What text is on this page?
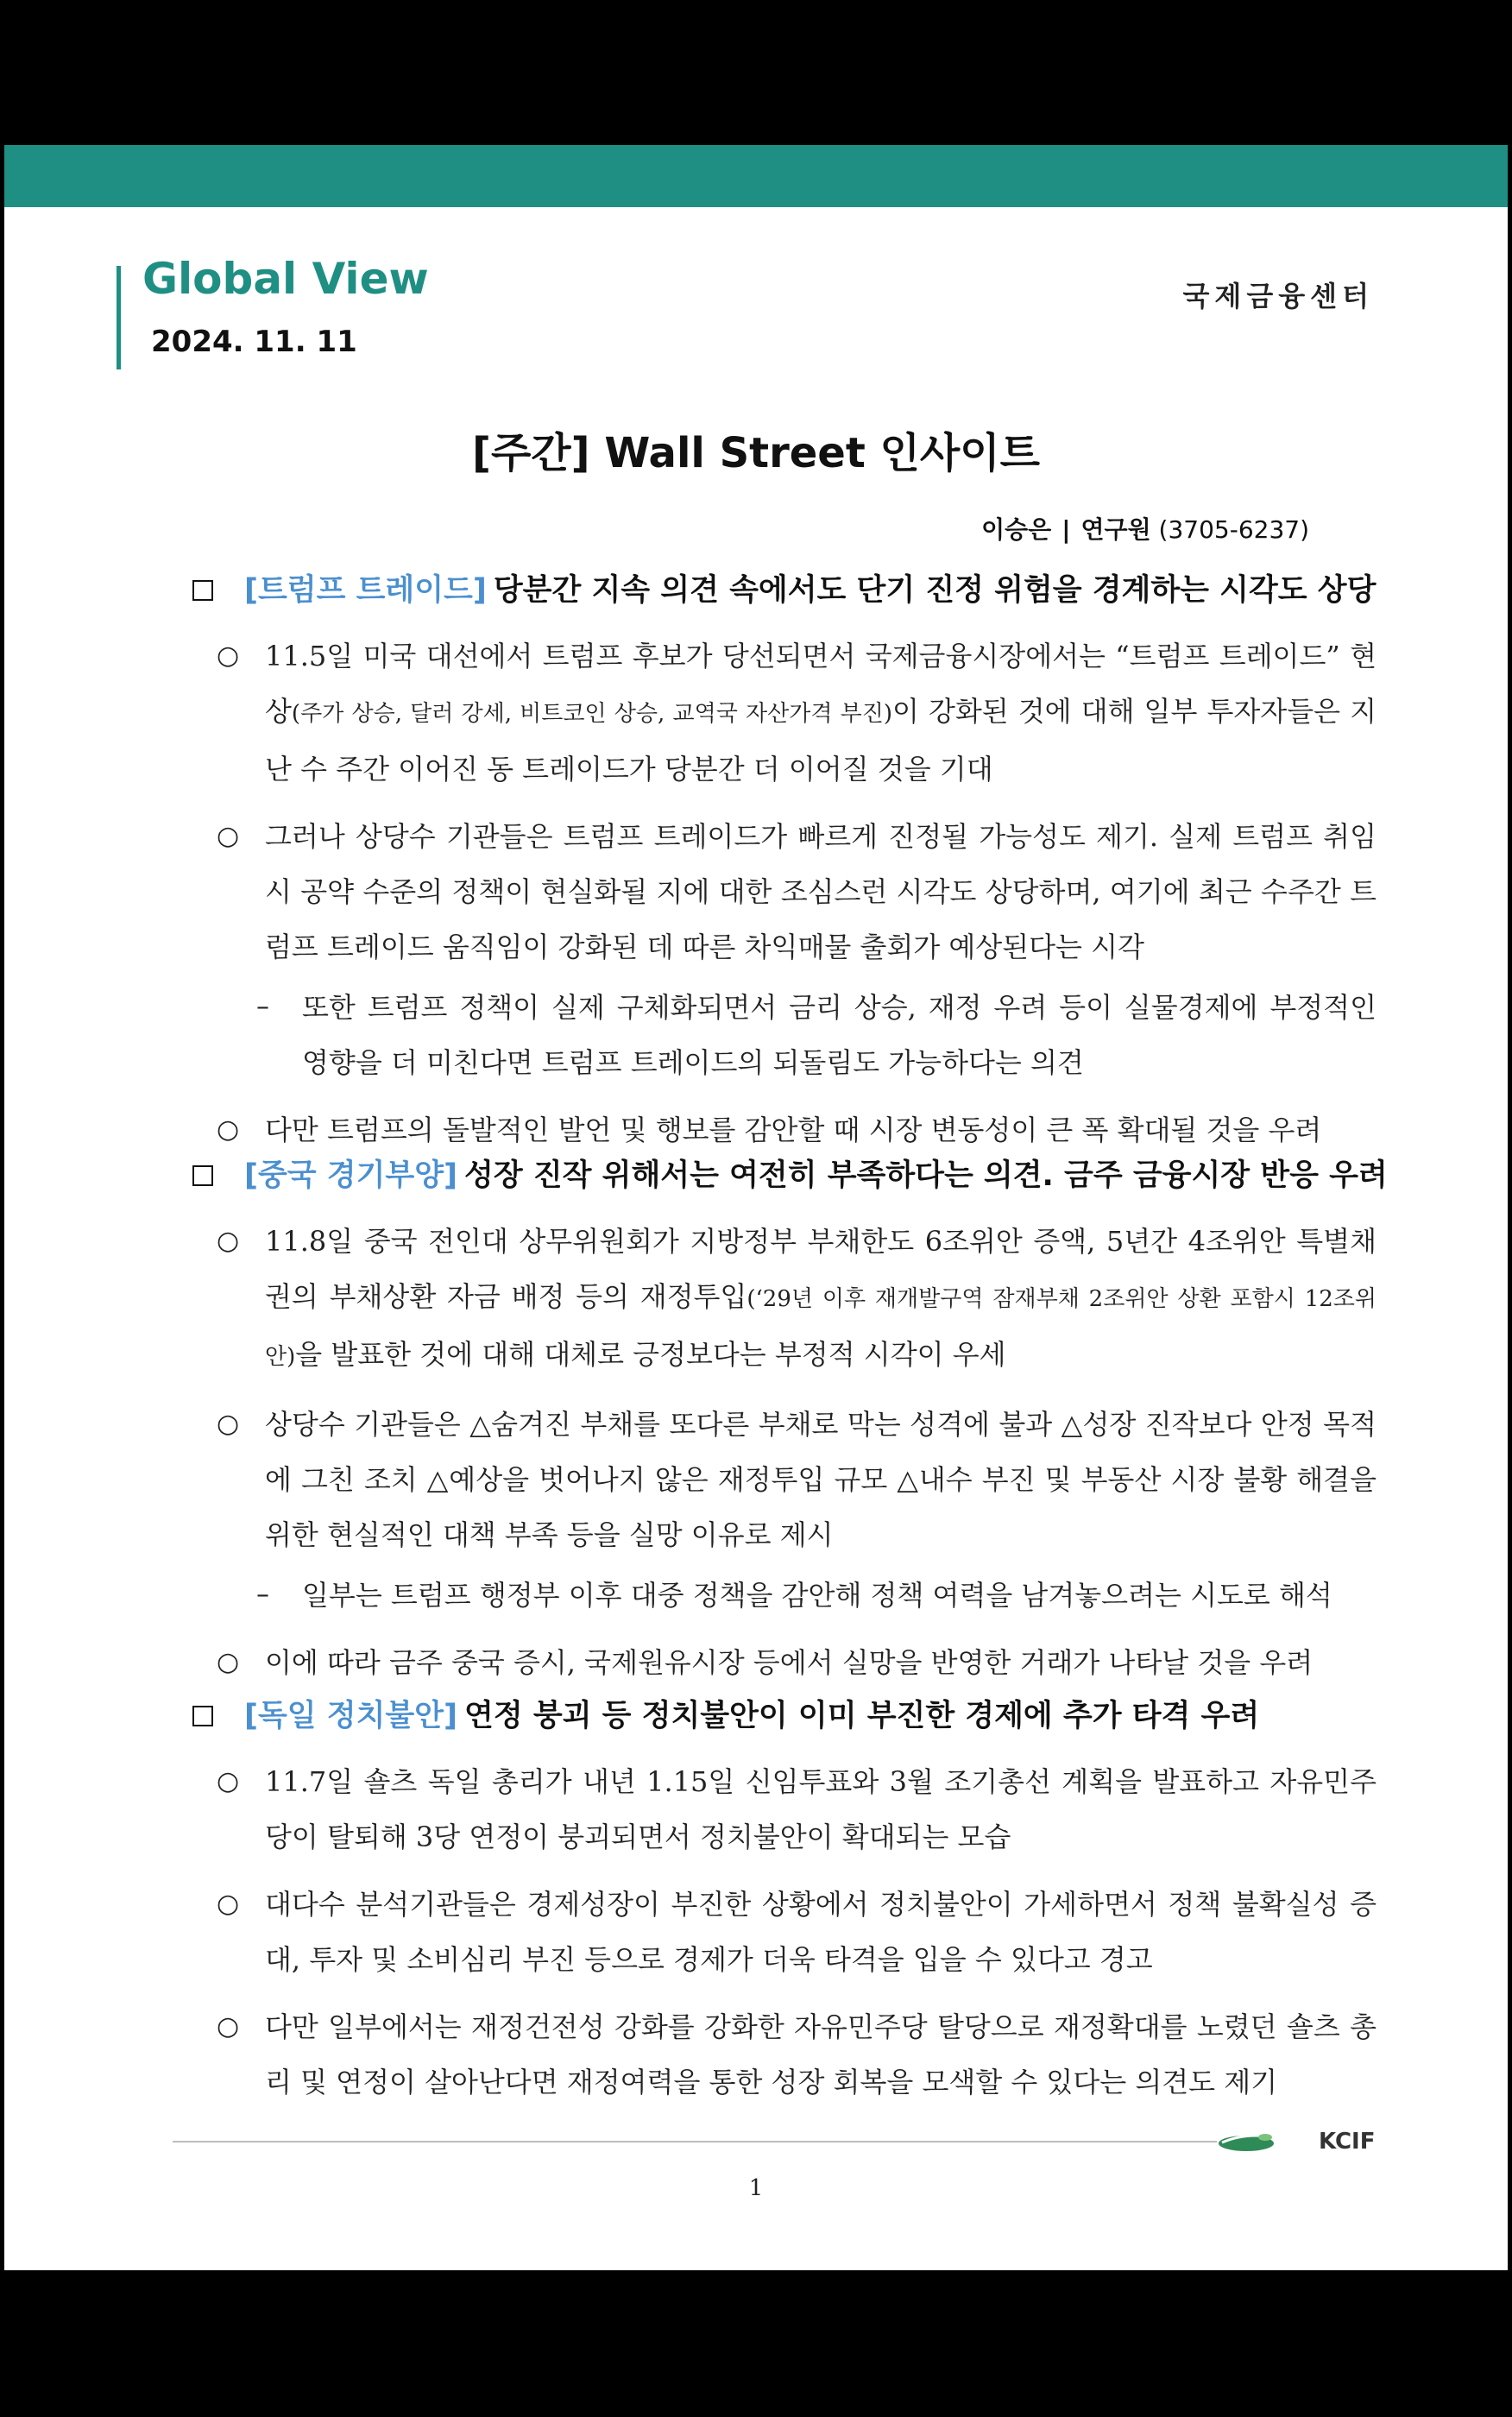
Global View
2024. 11. 11
국제금융센터
[주간] Wall Street 인사이트
이승은 | 연구원 (3705-6237)
[트럼프 트레이드] 당분간 지속 의견 속에서도 단기 진정 위험을 경계하는 시각도 상당
○ 11.5일 미국 대선에서 트럼프 후보가 당선되면서 국제금융시장에서는 “트럼프 트레이드” 현상(주가 상승, 달러 강세, 비트코인 상승, 교역국 자산가격 부진)이 강화된 것에 대해 일부 투자자들은 지난 수 주간 이어진 동 트레이드가 당분간 더 이어질 것을 기대
○ 그러나 상당수 기관들은 트럼프 트레이드가 빠르게 진정될 가능성도 제기. 실제 트럼프 취임시 공약 수준의 정책이 현실화될 지에 대한 조심스런 시각도 상당하며, 여기에 최근 수주간 트럼프 트레이드 움직임이 강화된 데 따른 차익매물 출회가 예상된다는 시각
– 또한 트럼프 정책이 실제 구체화되면서 금리 상승, 재정 우려 등이 실물경제에 부정적인 영향을 더 미친다면 트럼프 트레이드의 되돌림도 가능하다는 의견
○ 다만 트럼프의 돌발적인 발언 및 행보를 감안할 때 시장 변동성이 큰 폭 확대될 것을 우려
[중국 경기부양] 성장 진작 위해서는 여전히 부족하다는 의견. 금주 금융시장 반응 우려
○ 11.8일 중국 전인대 상무위원회가 지방정부 부채한도 6조위안 증액, 5년간 4조위안 특별채권의 부채상환 자금 배정 등의 재정투입(‘29년 이후 재개발구역 잠재부채 2조위안 상환 포함시 12조위안)을 발표한 것에 대해 대체로 긍정보다는 부정적 시각이 우세
○ 상당수 기관들은 △숨겨진 부채를 또다른 부채로 막는 성격에 불과 △성장 진작보다 안정 목적에 그친 조치 △예상을 벗어나지 않은 재정투입 규모 △내수 부진 및 부동산 시장 불황 해결을 위한 현실적인 대책 부족 등을 실망 이유로 제시
– 일부는 트럼프 행정부 이후 대중 정책을 감안해 정책 여력을 남겨놓으려는 시도로 해석
○ 이에 따라 금주 중국 증시, 국제원유시장 등에서 실망을 반영한 거래가 나타날 것을 우려
[독일 정치불안] 연정 붕괴 등 정치불안이 이미 부진한 경제에 추가 타격 우려
○ 11.7일 숄츠 독일 총리가 내년 1.15일 신임투표와 3월 조기총선 계획을 발표하고 자유민주당이 탈퇴해 3당 연정이 붕괴되면서 정치불안이 확대되는 모습
○ 대다수 분석기관들은 경제성장이 부진한 상황에서 정치불안이 가세하면서 정책 불확실성 증대, 투자 및 소비심리 부진 등으로 경제가 더욱 타격을 입을 수 있다고 경고
○ 다만 일부에서는 재정건전성 강화를 강화한 자유민주당 탈당으로 재정확대를 노렸던 숄츠 총리 및 연정이 살아난다면 재정여력을 통한 성장 회복을 모색할 수 있다는 의견도 제기
KCIF
1
